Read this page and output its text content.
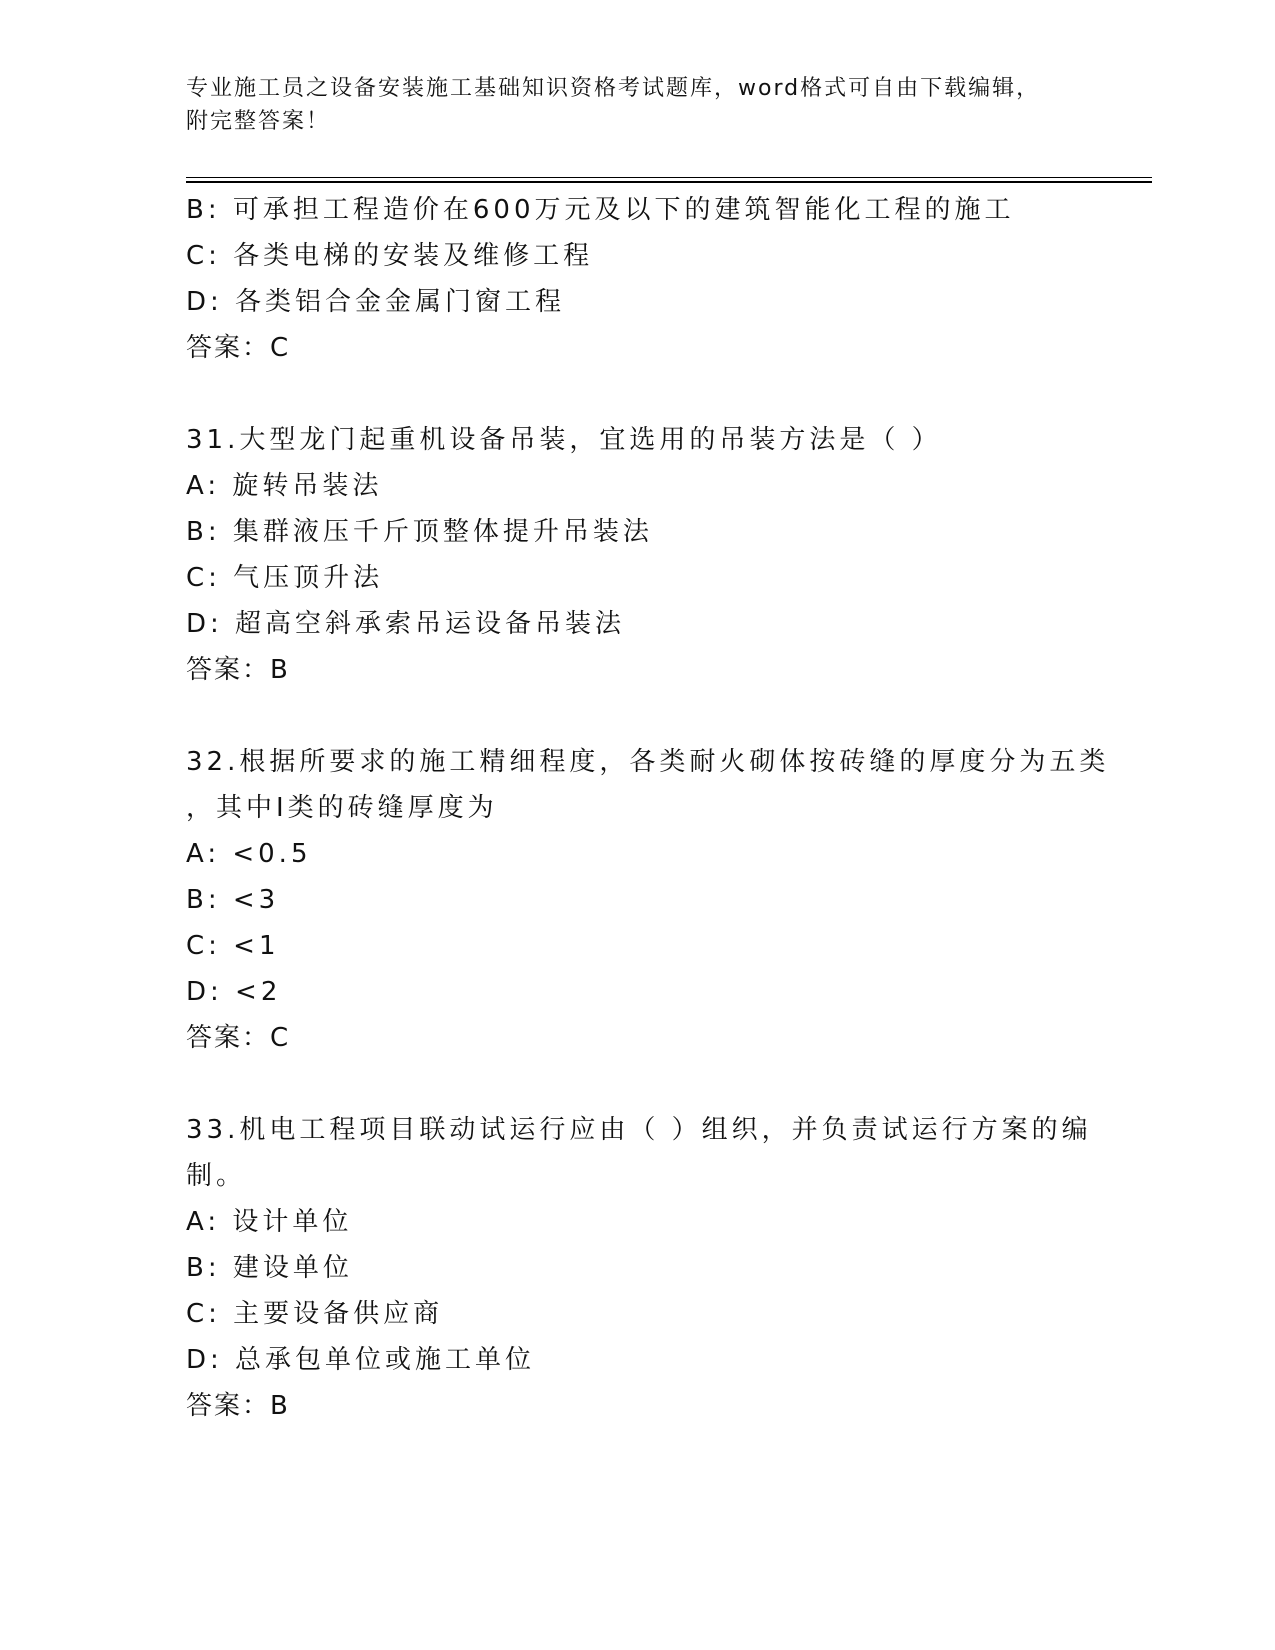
专业施工员之设备安装施工基础知识资格考试题库，word格式可自由下载编辑，
附完整答案！
B: 可承担工程造价在600万元及以下的建筑智能化工程的施工
C: 各类电梯的安装及维修工程
D: 各类铝合金金属门窗工程
答案：C
31.大型龙门起重机设备吊装，宜选用的吊装方法是（ ）
A: 旋转吊装法
B: 集群液压千斤顶整体提升吊装法
C: 气压顶升法
D: 超高空斜承索吊运设备吊装法
答案：B
32.根据所要求的施工精细程度，各类耐火砌体按砖缝的厚度分为五类
，其中Ⅰ类的砖缝厚度为
A: <0.5
B: <3
C: <1
D: <2
答案：C
33.机电工程项目联动试运行应由（ ）组织，并负责试运行方案的编
制。
A: 设计单位
B: 建设单位
C: 主要设备供应商
D: 总承包单位或施工单位
答案：B
